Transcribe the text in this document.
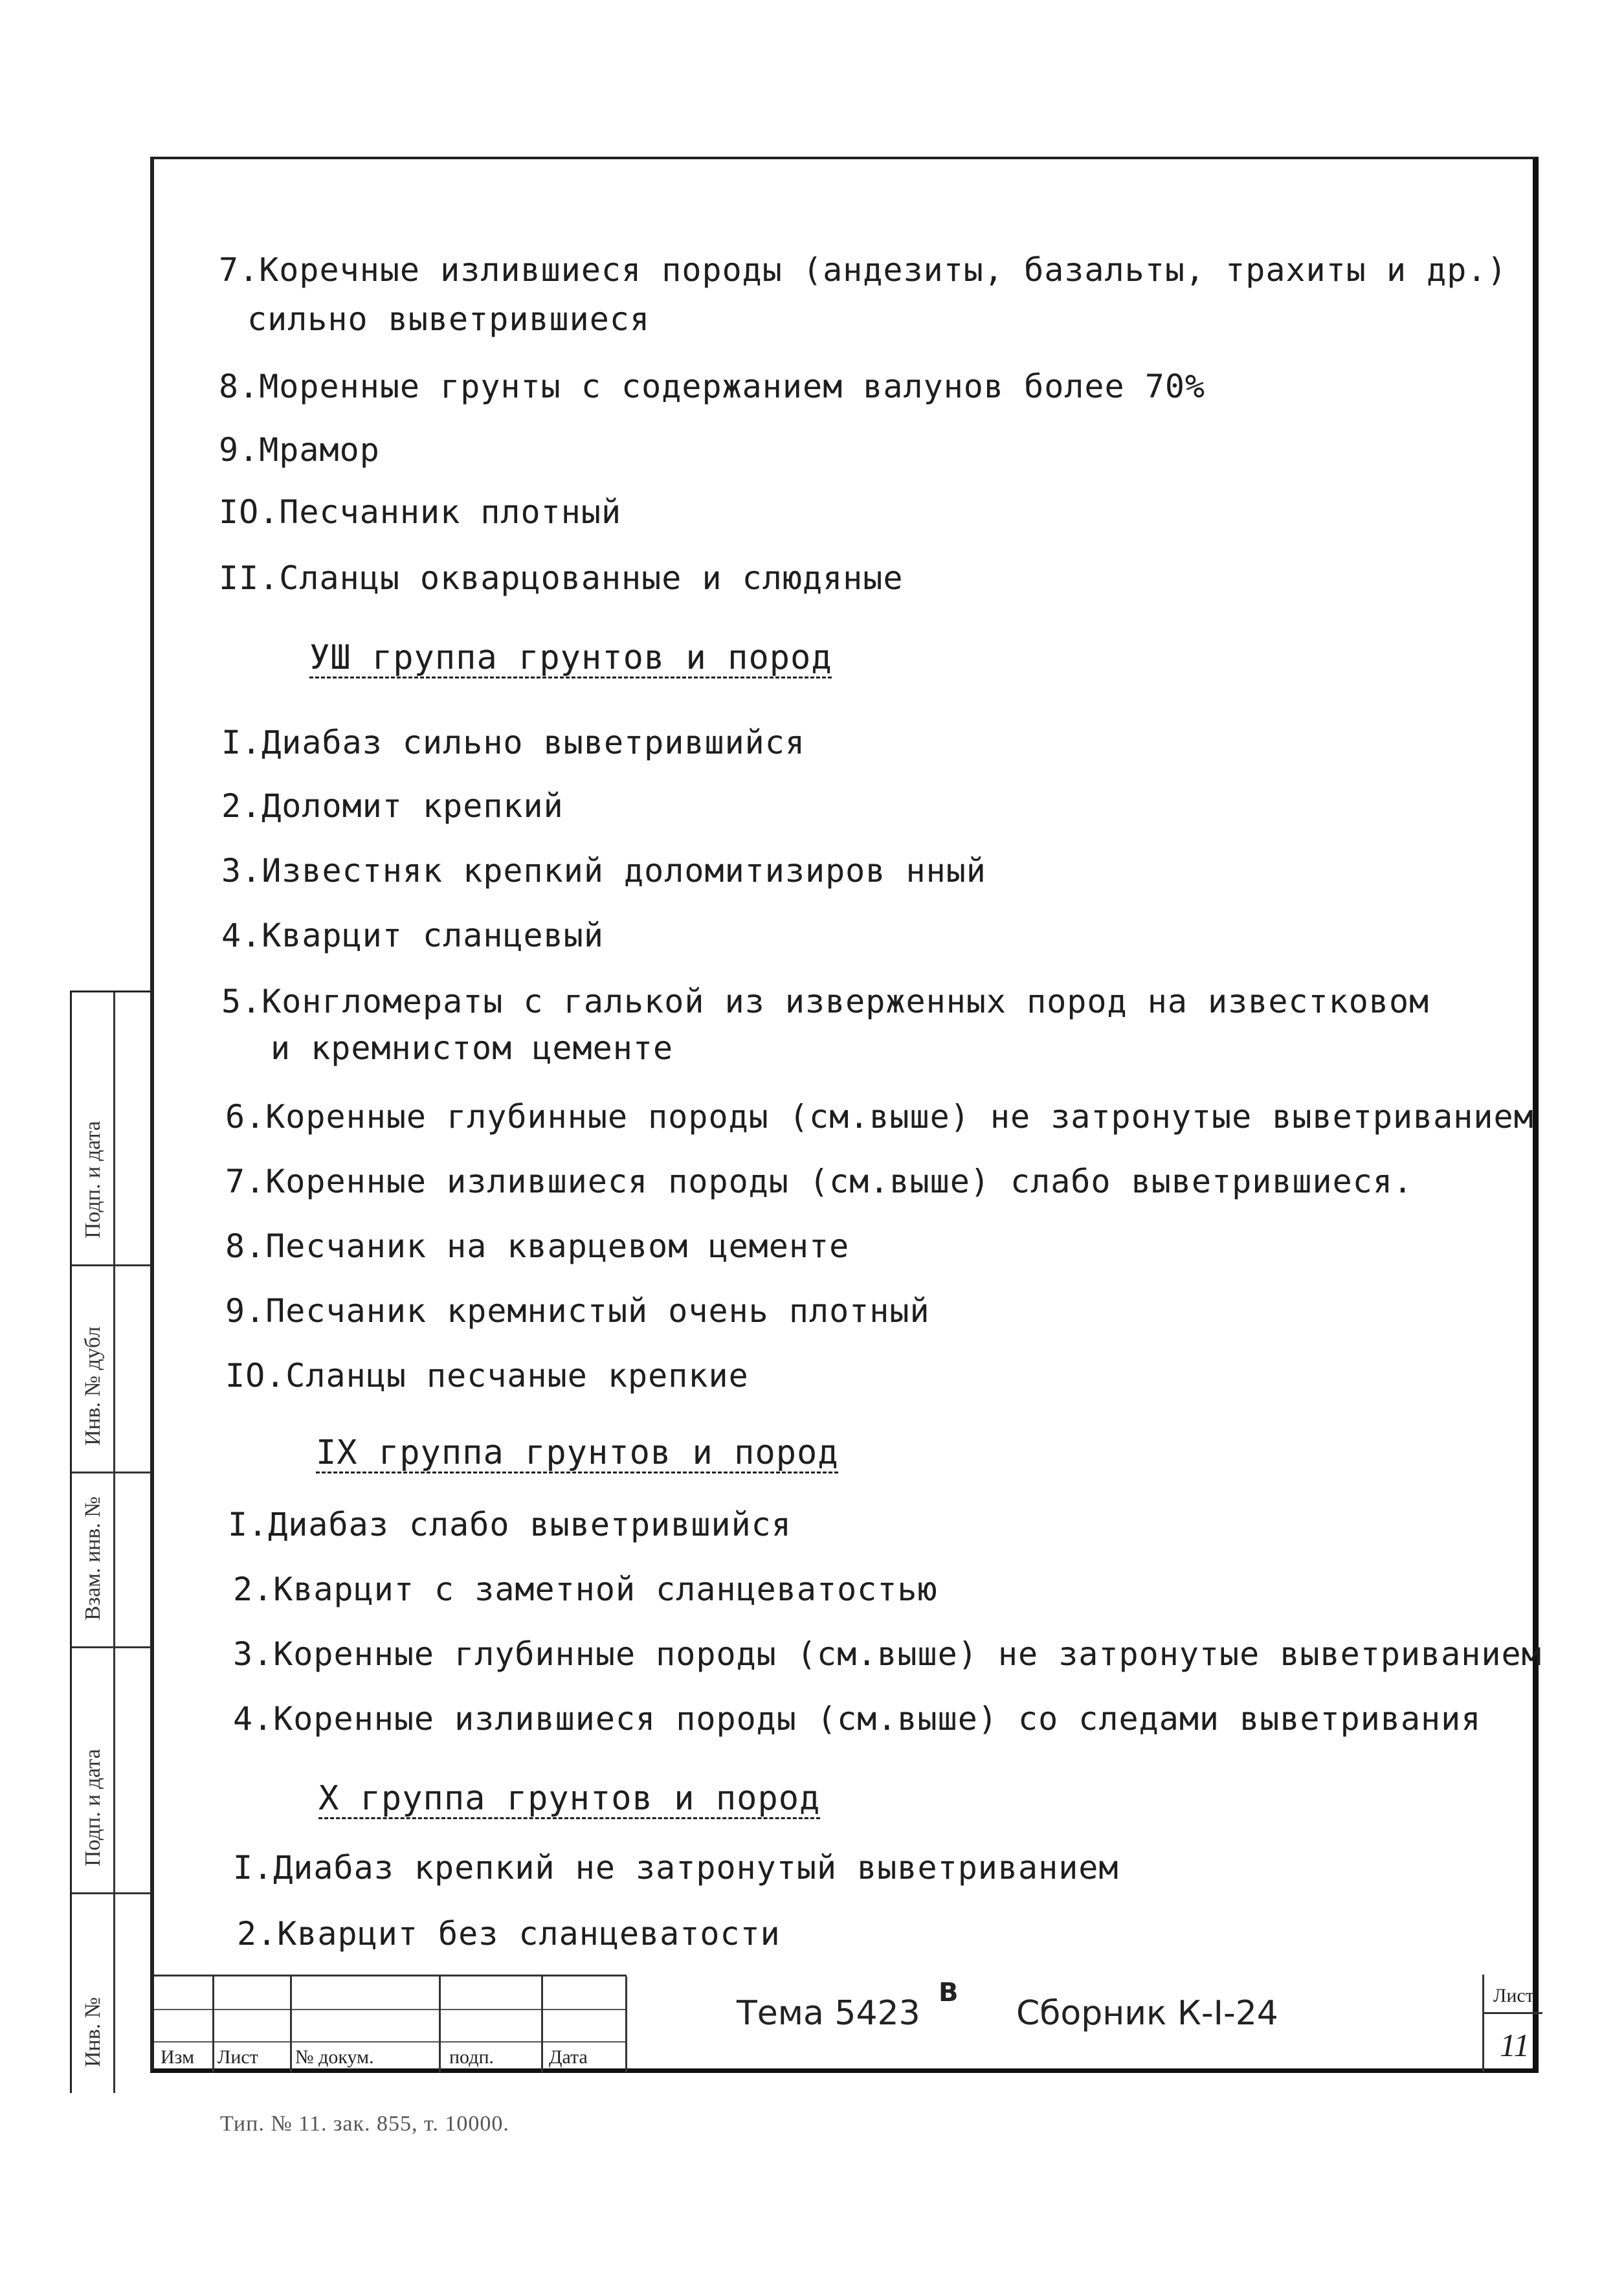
7.Коречные излившиеся породы (андезиты, базальты, трахиты и др.)
сильно выветрившиеся
8.Моренные грунты с содержанием валунов более 70%
9.Мрамор
IO.Песчанник плотный
II.Сланцы окварцованные и слюдяные
УШ группа грунтов и пород
I.Диабаз сильно выветрившийся
2.Доломит крепкий
3.Известняк крепкий доломитизиров нный
4.Кварцит сланцевый
5.Конгломераты с галькой из изверженных пород на известковом
и кремнистом цементе
6.Коренные глубинные породы (см.выше) не затронутые выветриванием
7.Коренные излившиеся породы (см.выше) слабо выветрившиеся.
8.Песчаник на кварцевом цементе
9.Песчаник кремнистый очень плотный
IO.Сланцы песчаные крепкие
IX группа грунтов и пород
I.Диабаз слабо выветрившийся
2.Кварцит с заметной сланцеватостью
3.Коренные глубинные породы (см.выше) не затронутые выветриванием
4.Коренные излившиеся породы (см.выше) со следами выветривания
Х группа грунтов и пород
I.Диабаз крепкий не затронутый выветриванием
2.Кварцит без сланцеватости
Подп. и дата
Инв. № дубл
Взам. инв. №
Подп. и дата
Инв. №	Изм Лист № докум.	подп.	Дата
Тема 5423
В
Сборник К-I-24	Лист
11
Тип. № 11. зак. 855, т. 10000.
